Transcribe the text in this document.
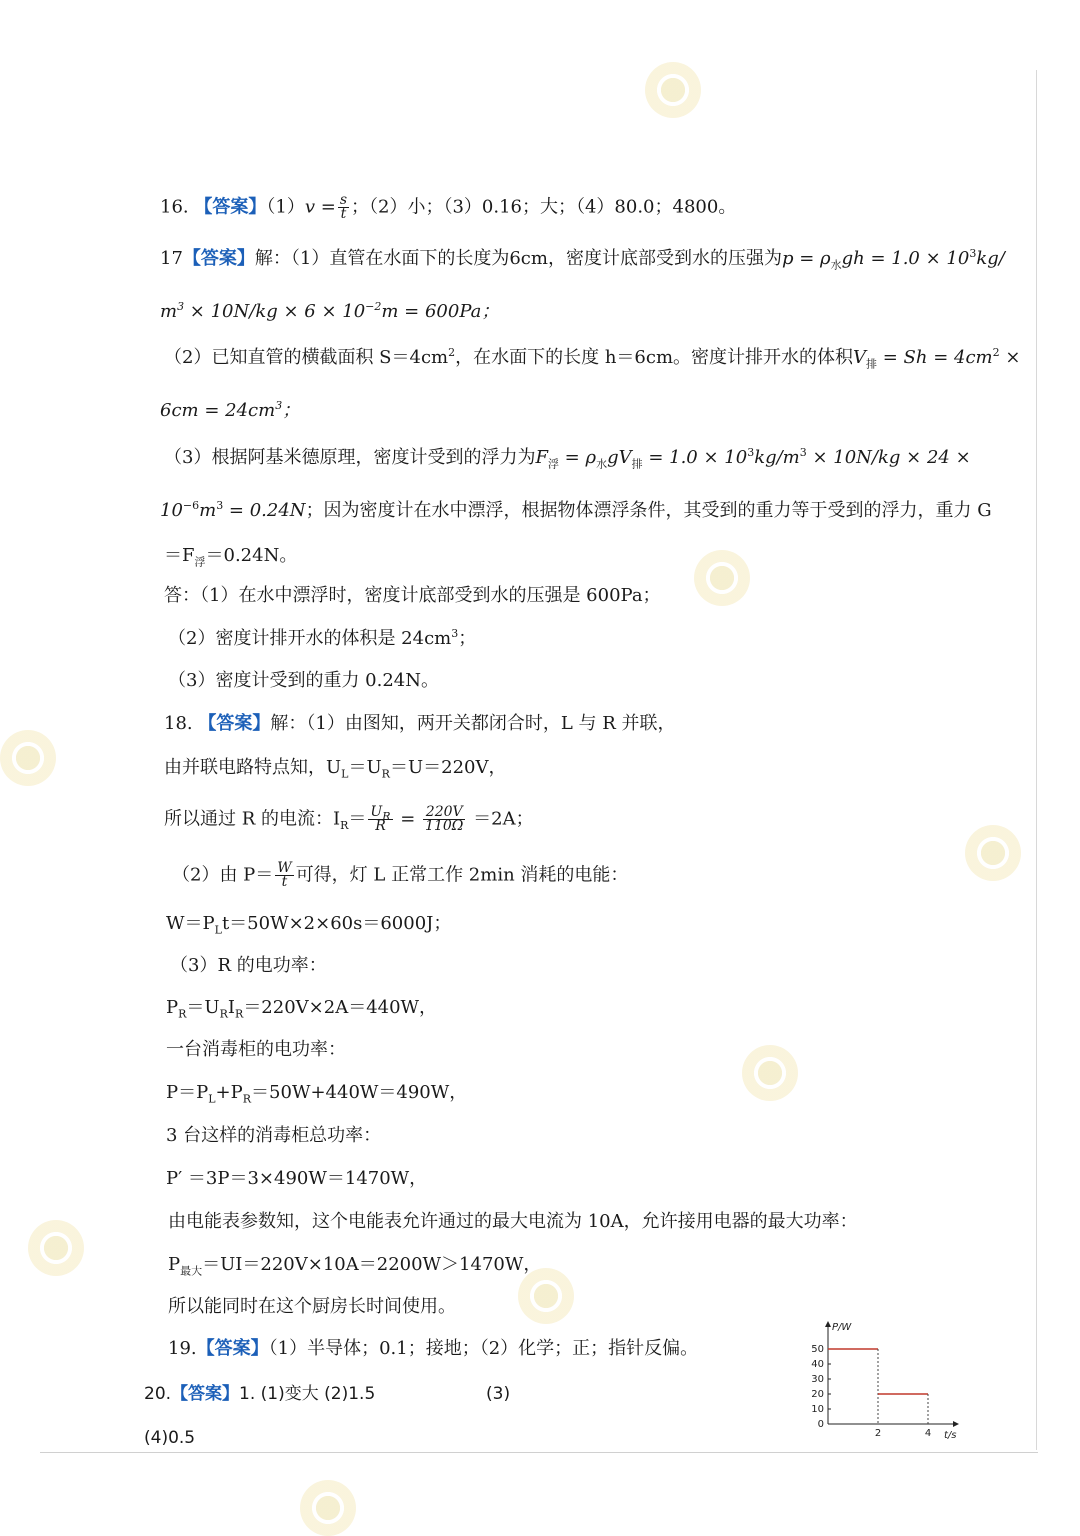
16. 【答案】$(1)v = \frac{s}{t}$ ；（2）小；（3）0.16；大；（4）80.0；4800。
17【答案】解：（1）直管在水面下的长度为6cm，密度计底部受到水的压强为$p = \rho_水gh = 1.0 \times 10^3kg/$
$m^3 \times 10N/kg \times 6 \times 10^{-2}m = 600Pa$；
（2）已知直管的横截面积 $S=4cm^2$，在水面下的长度 h＝6cm。密度计排开水的体积$V_排 = Sh = 4cm^2$ ×
$6cm = 24cm^3$；
（3）根据阿基米德原理，密度计受到的浮力为$F_浮 = \rho_水gV_排 = 1.0 \times 10^3kg/m^3 \times 10N/kg \times 24$ ×
$10^{-6}m^3 = 0.24N$；因为密度计在水中漂浮，根据物体漂浮条件，其受到的重力等于受到的浮力，重力 G
$=F_浮=0.24N$。
答：（1）在水中漂浮时，密度计底部受到水的压强是 600Pa；
（2）密度计排开水的体积是 $24cm^3$；
（3）密度计受到的重力 0.24N。
18. 【答案】解：（1）由图知，两开关都闭合时，L 与 R 并联，
由并联电路特点知，$U_L=U_R=U=220V$，
所以通过 R 的电流：$I_R= \frac{U_R}{R} = \frac{220V}{110\Omega} =2A$；
（2）由 $P= \frac{W}{t}$ 可得，灯 L 正常工作 2min 消耗的电能：
$W=P_Lt=50W\times 2\times 60s=6000J$；
（3）R 的电功率：
$P_R=U_RI_R=220V\times 2A=440W$，
一台消毒柜的电功率：
$P=P_L+P_R=50W+440W=490W$，
3 台这样的消毒柜总功率：
P′ ＝3P＝3×490W＝1470W，
由电能表参数知，这个电能表允许通过的最大电流为 10A，允许接用电器的最大功率：
$P_{最大}=UI=220V\times 10A=2200W>1470W$，
所以能同时在这个厨房长时间使用。
19.【答案】（1）半导体；0.1；接地；（2）化学；正；指针反偏。
20.【答案】1. (1)变大 (2)1.5	(3)
(4)0.5
P/W
t/s
50
40
30
20
10
0
2	4
